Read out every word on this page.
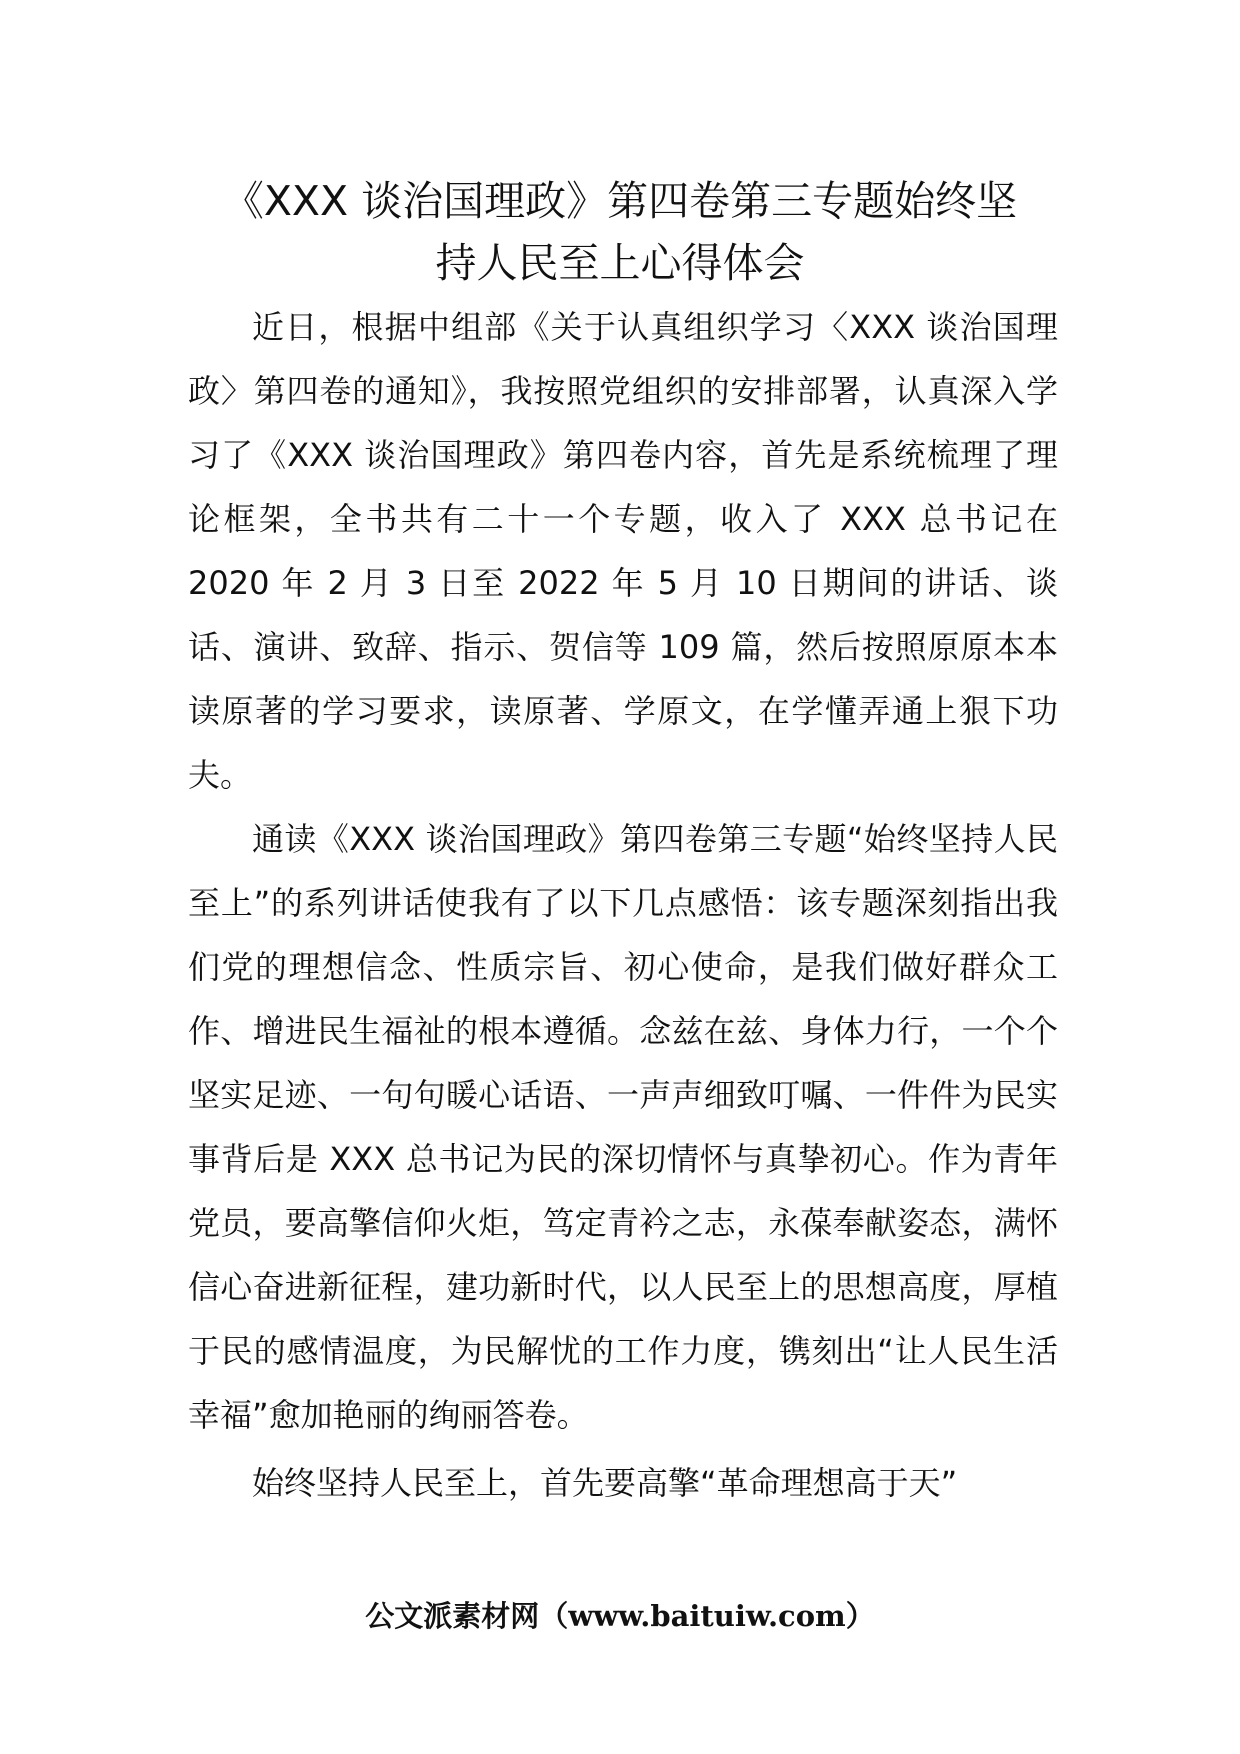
《XXX 谈治国理政》第四卷第三专题始终坚
持人民至上心得体会

近日，根据中组部《关于认真组织学习〈XXX 谈治国理政〉第四卷的通知》，我按照党组织的安排部署，认真深入学习了《XXX 谈治国理政》第四卷内容，首先是系统梳理了理论框架，全书共有二十一个专题，收入了 XXX 总书记在 2020 年 2 月 3 日至 2022 年 5 月 10 日期间的讲话、谈话、演讲、致辞、指示、贺信等 109 篇，然后按照原原本本读原著的学习要求，读原著、学原文，在学懂弄通上狠下功夫。

通读《XXX 谈治国理政》第四卷第三专题“始终坚持人民至上”的系列讲话使我有了以下几点感悟：该专题深刻指出我们党的理想信念、性质宗旨、初心使命，是我们做好群众工作、增进民生福祉的根本遵循。念兹在兹、身体力行，一个个坚实足迹、一句句暖心话语、一声声细致叮嘱、一件件为民实事背后是 XXX 总书记为民的深切情怀与真挚初心。作为青年党员，要高擎信仰火炬，笃定青衿之志，永葆奉献姿态，满怀信心奋进新征程，建功新时代，以人民至上的思想高度，厚植于民的感情温度，为民解忧的工作力度，镌刻出“让人民生活幸福”愈加艳丽的绚丽答卷。

始终坚持人民至上，首先要高擎“革命理想高于天”

公文派素材网（www.baituiw.com）
